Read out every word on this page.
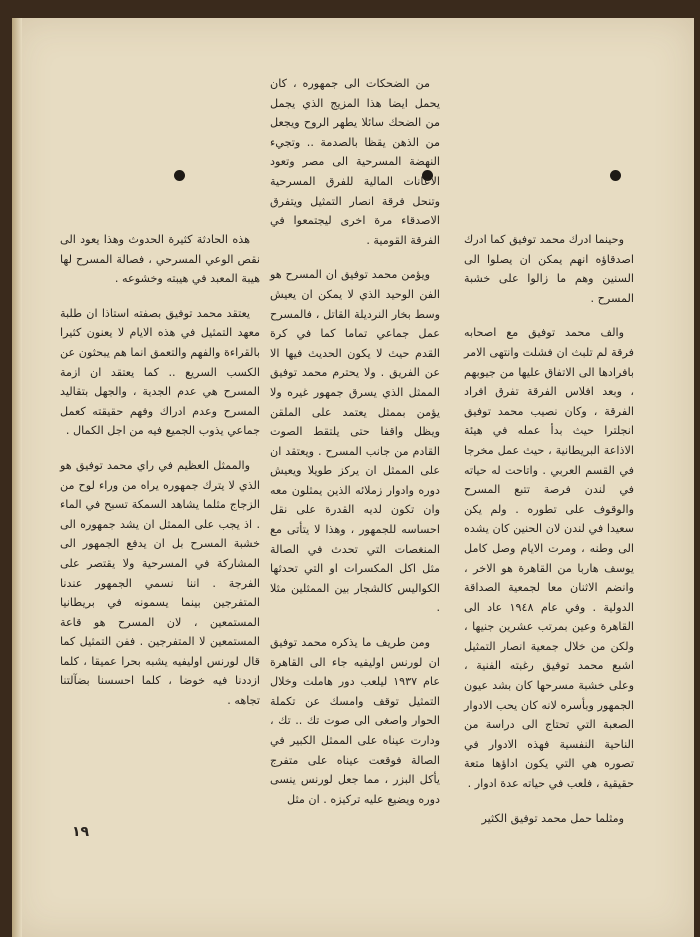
وحينما ادرك محمد توفيق كما ادرك اصدقاؤه انهم يمكن ان يصلوا الى السنين وهم ما زالوا على خشبة المسرح .

والف محمد توفيق مع اصحابه فرقة لم تلبث ان فشلت وانتهى الامر بافرادها الى الاتفاق عليها من جيوبهم ، وبعد افلاس الفرقة تفرق افراد الفرقة ، وكان نصيب محمد توفيق انجلترا حيث بدأ عمله في هيئة الاذاعة البريطانية ، حيث عمل مخرجا في القسم العربي . واتاحت له حياته في لندن فرصة تتبع المسرح والوقوف على تطوره . ولم يكن سعيدا في لندن لان الحنين كان يشده الى وطنه ، ومرت الايام وصل كامل يوسف هاربا من القاهرة هو الاخر ، وانضم الاثنان معا لجمعية الصداقة الدولية . وفي عام ١٩٤٨ عاد الى القاهرة وعين بمرتب عشرين جنيها ، ولكن من خلال جمعية انصار التمثيل اشبع محمد توفيق رغبته الفنية ، وعلى خشبة مسرحها كان بشد عيون الجمهور وبأسره لانه كان يحب الادوار الصعبة التي تحتاج الى دراسة من الناحية النفسية فهذه الادوار في تصوره هي التي يكون اداؤها متعة حقيقية ، فلعب في حياته عدة ادوار .

ومثلما حمل محمد توفيق الكثير

من الضحكات الى جمهوره ، كان يحمل ايضا هذا المزيج الذي يجمل من الضحك سائلا يطهر الروح ويجعل من الذهن يقظا بالصدمة .. وتجيء النهضة المسرحية الى مصر وتعود الاعانات المالية للفرق المسرحية وتنحل فرقة انصار التمثيل ويتفرق الاصدقاء مرة اخرى ليجتمعوا في الفرقة القومية .

ويؤمن محمد توفيق ان المسرح هو الفن الوحيد الذي لا يمكن ان يعيش وسط بخار النرديلة القاتل ، فالمسرح عمل جماعي تماما كما في كرة القدم حيث لا يكون الحديث فيها الا عن الفريق . ولا يحترم محمد توفيق الممثل الذي يسرق جمهور غيره ولا يؤمن بممثل يعتمد على الملقن ويظل واقفا حتى يلتقط الصوت القادم من جانب المسرح . ويعتقد ان على الممثل ان يركز طويلا ويعيش دوره وادوار زملائه الذين يمثلون معه وان تكون لديه القدرة على نقل احساسه للجمهور ، وهذا لا يتأتى مع المنغصات التي تحدث في الصالة مثل اكل المكسرات او التي تحدثها الكواليس كالشجار بين الممثلين مثلا .

ومن طريف ما يذكره محمد توفيق ان لورنس اوليفيه جاء الى القاهرة عام ١٩٣٧ ليلعب دور هاملت وخلال التمثيل توقف وامسك عن تكملة الحوار واصغى الى صوت تك .. تك ، ودارت عيناه على الممثل الكبير في الصالة فوقعت عيناه على متفرج يأكل البزر ، مما جعل لورنس ينسى دوره ويضيع عليه تركيزه . ان مثل

هذه الحادثة كثيرة الحدوث وهذا يعود الى نقص الوعي المسرحي ، فصالة المسرح لها هيبة المعبد في هيبته وخشوعه .

يعتقد محمد توفيق بصفته استاذا ان طلبة معهد التمثيل في هذه الايام لا يعنون كثيرا بالقراءة والفهم والتعمق انما هم يبحثون عن الكسب السريع .. كما يعتقد ان ازمة المسرح هي عدم الجدية ، والجهل بتقاليد المسرح وعدم ادراك وفهم حقيقته كعمل جماعي يذوب الجميع فيه من اجل الكمال .

والممثل العظيم في راي محمد توفيق هو الذي لا يترك جمهوره يراه من وراء لوح من الزجاج مثلما يشاهد السمكة تسبح في الماء . اذ يجب على الممثل ان يشد جمهوره الى خشبة المسرح بل ان يدفع الجمهور الى المشاركة في المسرحية ولا يقتصر على الفرجة . اننا نسمي الجمهور عندنا المتفرجين بينما يسمونه في بريطانيا المستمعين ، لان المسرح هو قاعة المستمعين لا المتفرجين . ففن التمثيل كما قال لورنس اوليفيه يشبه بحرا عميقا ، كلما ازددنا فيه خوضا ، كلما احسسنا بضآلتنا تجاهه .

١٩
